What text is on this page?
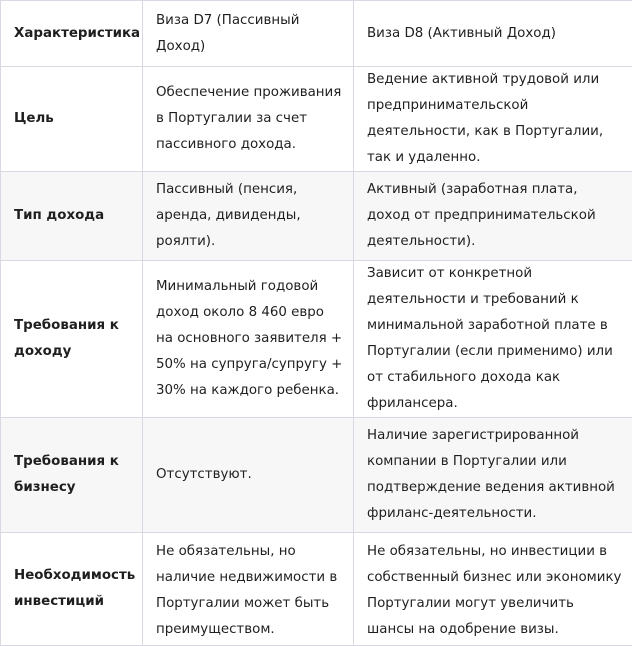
Характеристика	Виза D7 (Пассивный Доход)	Виза D8 (Активный Доход)
Цель	Обеспечение проживания в Португалии за счет пассивного дохода.	Ведение активной трудовой или предпринимательской деятельности, как в Португалии, так и удаленно.
Тип дохода	Пассивный (пенсия, аренда, дивиденды, роялти).	Активный (заработная плата, доход от предпринимательской деятельности).
Требования к доходу	Минимальный годовой доход около 8 460 евро на основного заявителя + 50% на супруга/супругу + 30% на каждого ребенка.	Зависит от конкретной деятельности и требований к минимальной заработной плате в Португалии (если применимо) или от стабильного дохода как фрилансера.
Требования к бизнесу	Отсутствуют.	Наличие зарегистрированной компании в Португалии или подтверждение ведения активной фриланс-деятельности.
Необходимость инвестиций	Не обязательны, но наличие недвижимости в Португалии может быть преимуществом.	Не обязательны, но инвестиции в собственный бизнес или экономику Португалии могут увеличить шансы на одобрение визы.
